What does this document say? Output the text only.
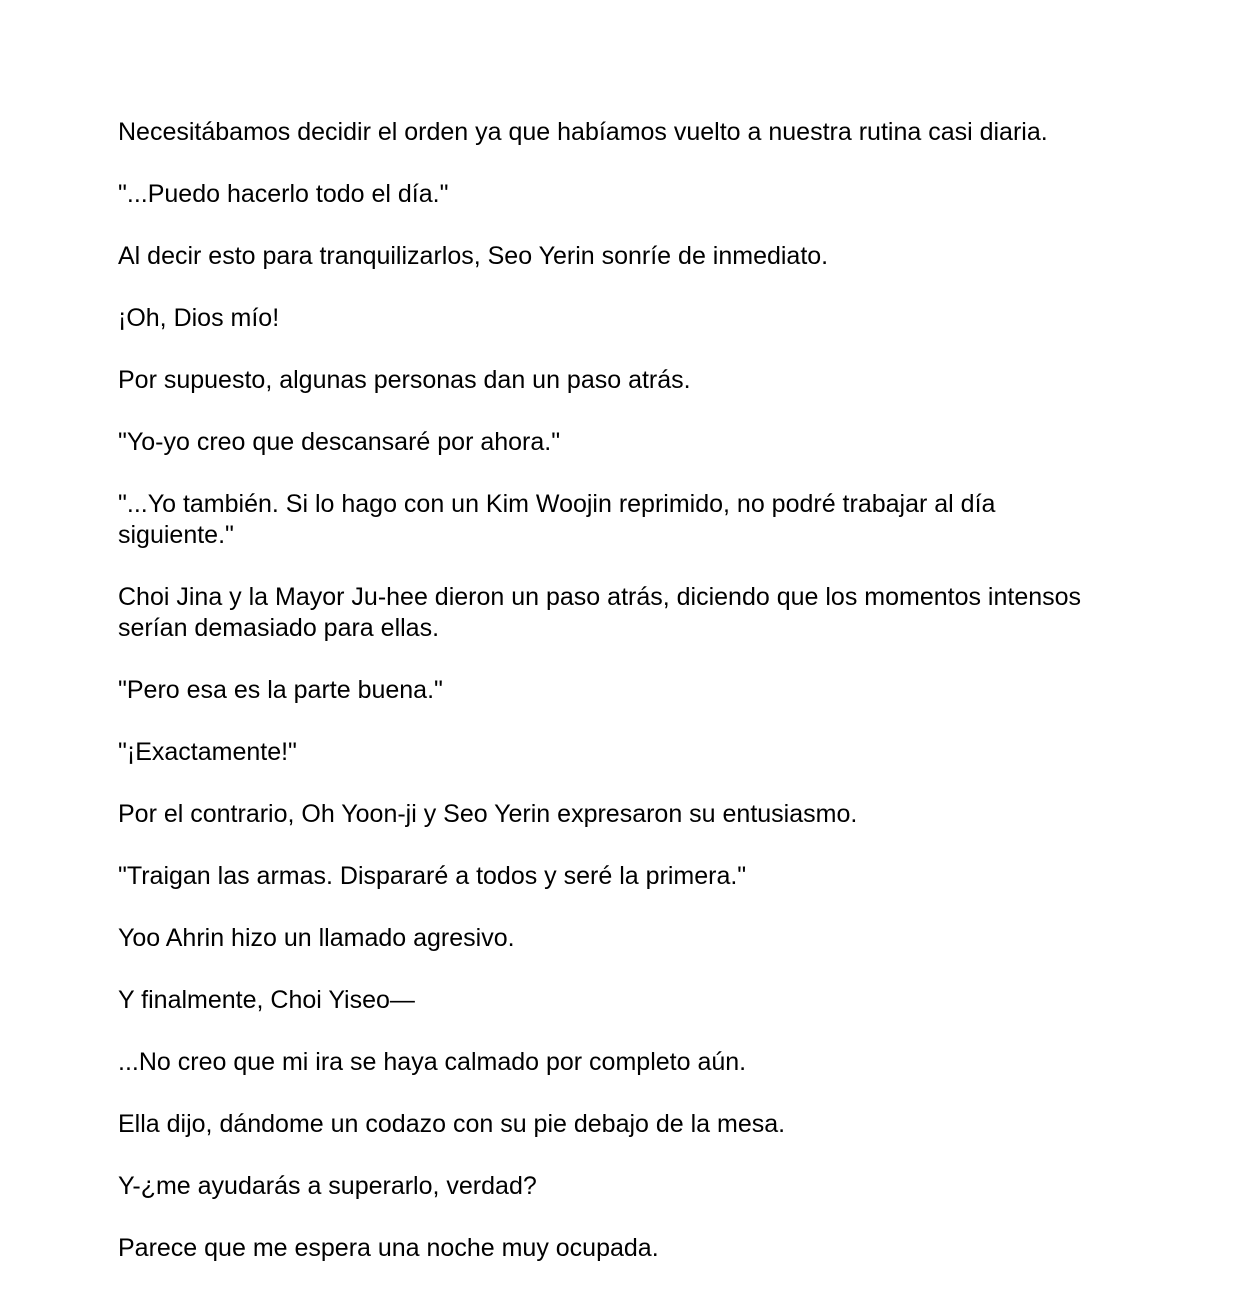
Necesitábamos decidir el orden ya que habíamos vuelto a nuestra rutina casi diaria.

"...Puedo hacerlo todo el día."

Al decir esto para tranquilizarlos, Seo Yerin sonríe de inmediato.

¡Oh, Dios mío!

Por supuesto, algunas personas dan un paso atrás.

"Yo-yo creo que descansaré por ahora."

"...Yo también. Si lo hago con un Kim Woojin reprimido, no podré trabajar al día siguiente."

Choi Jina y la Mayor Ju-hee dieron un paso atrás, diciendo que los momentos intensos serían demasiado para ellas.

"Pero esa es la parte buena."

"¡Exactamente!"

Por el contrario, Oh Yoon-ji y Seo Yerin expresaron su entusiasmo.

"Traigan las armas. Dispararé a todos y seré la primera."

Yoo Ahrin hizo un llamado agresivo.

Y finalmente, Choi Yiseo—

...No creo que mi ira se haya calmado por completo aún.

Ella dijo, dándome un codazo con su pie debajo de la mesa.

Y-¿me ayudarás a superarlo, verdad?

Parece que me espera una noche muy ocupada.
